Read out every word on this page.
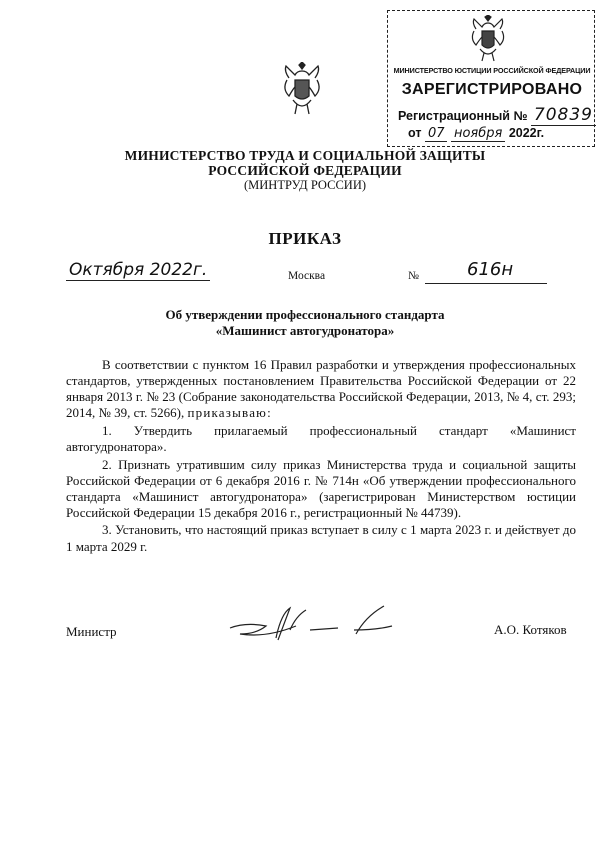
МИНИСТЕРСТВО ЮСТИЦИИ РОССИЙСКОЙ ФЕДЕРАЦИИ
ЗАРЕГИСТРИРОВАНО
Регистрационный № 70839
от 07 ноября 2022г.
МИНИСТЕРСТВО ТРУДА И СОЦИАЛЬНОЙ ЗАЩИТЫ
РОССИЙСКОЙ ФЕДЕРАЦИИ
(МИНТРУД РОССИИ)
ПРИКАЗ
Октября 2022г.	Москва	№	616н
Об утверждении профессионального стандарта
«Машинист автогудронатора»

В соответствии с пунктом 16 Правил разработки и утверждения профессиональных стандартов, утвержденных постановлением Правительства Российской Федерации от 22 января 2013 г. № 23 (Собрание законодательства Российской Федерации, 2013, № 4, ст. 293; 2014, № 39, ст. 5266), приказываю:

1. Утвердить прилагаемый профессиональный стандарт «Машинист автогудронатора».

2. Признать утратившим силу приказ Министерства труда и социальной защиты Российской Федерации от 6 декабря 2016 г. № 714н «Об утверждении профессионального стандарта «Машинист автогудронатора» (зарегистрирован Министерством юстиции Российской Федерации 15 декабря 2016 г., регистрационный № 44739).

3. Установить, что настоящий приказ вступает в силу с 1 марта 2023 г. и действует до 1 марта 2029 г.

Министр	А.О. Котяков
